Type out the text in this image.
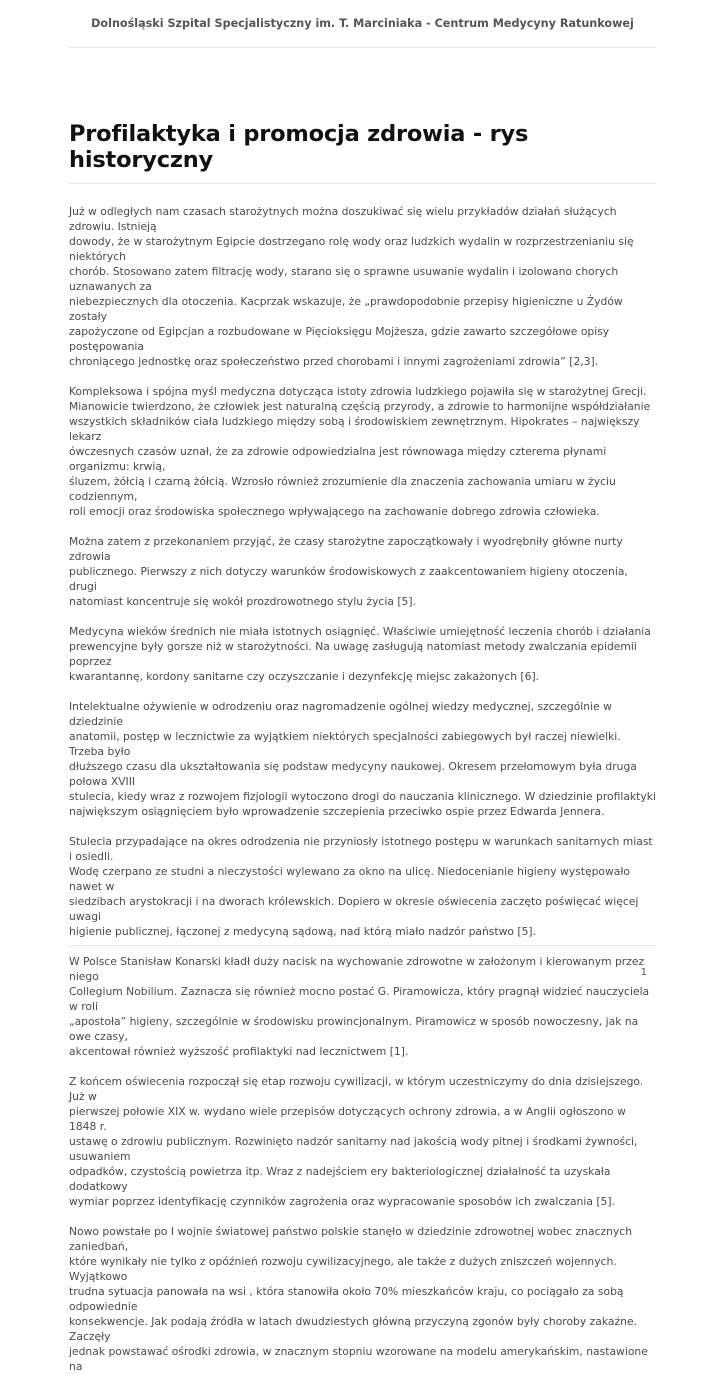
Dolnośląski Szpital Specjalistyczny im. T. Marciniaka - Centrum Medycyny Ratunkowej
Profilaktyka i promocja zdrowia - rys historyczny

Już w odległych nam czasach starożytnych można doszukiwać się wielu przykładów działań służących zdrowiu. Istnieją
dowody, że w starożytnym Egipcie dostrzegano rolę wody oraz ludzkich wydalin w rozprzestrzenianiu się niektórych
chorób. Stosowano zatem filtrację wody, starano się o sprawne usuwanie wydalin i izolowano chorych uznawanych za
niebezpiecznych dla otoczenia. Kacprzak wskazuje, że „prawdopodobnie przepisy higieniczne u Żydów zostały
zapożyczone od Egipcjan a rozbudowane w Pięcioksięgu Mojżesza, gdzie zawarto szczegółowe opisy postępowania
chroniącego jednostkę oraz społeczeństwo przed chorobami i innymi zagrożeniami zdrowia” [2,3].

Kompleksowa i spójna myśl medyczna dotycząca istoty zdrowia ludzkiego pojawiła się w starożytnej Grecji.
Mianowicie twierdzono, że człowiek jest naturalną częścią przyrody, a zdrowie to harmonijne współdziałanie
wszystkich składników ciała ludzkiego między sobą i środowiskiem zewnętrznym. Hipokrates – największy lekarz
ówczesnych czasów uznał, że za zdrowie odpowiedzialna jest równowaga między czterema płynami organizmu: krwią,
śluzem, żółcią i czarną żółcią. Wzrosło również zrozumienie dla znaczenia zachowania umiaru w życiu codziennym,
roli emocji oraz środowiska społecznego wpływającego na zachowanie dobrego zdrowia człowieka.

Można zatem z przekonaniem przyjąć, że czasy starożytne zapoczątkowały i wyodrębniły główne nurty zdrowia
publicznego. Pierwszy z nich dotyczy warunków środowiskowych z zaakcentowaniem higieny otoczenia, drugi
natomiast koncentruje się wokół prozdrowotnego stylu życia [5].

Medycyna wieków średnich nie miała istotnych osiągnięć. Właściwie umiejętność leczenia chorób i działania
prewencyjne były gorsze niż w starożytności. Na uwagę zasługują natomiast metody zwalczania epidemii poprzez
kwarantannę, kordony sanitarne czy oczyszczanie i dezynfekcję miejsc zakażonych [6].

Intelektualne ożywienie w odrodzeniu oraz nagromadzenie ogólnej wiedzy medycznej, szczególnie w dziedzinie
anatomii, postęp w lecznictwie za wyjątkiem niektórych specjalności zabiegowych był raczej niewielki. Trzeba było
dłuższego czasu dla ukształtowania się podstaw medycyny naukowej. Okresem przełomowym była druga połowa XVIII
stulecia, kiedy wraz z rozwojem fizjologii wytoczono drogi do nauczania klinicznego. W dziedzinie profilaktyki
największym osiągnięciem było wprowadzenie szczepienia przeciwko ospie przez Edwarda Jennera.

Stulecia przypadające na okres odrodzenia nie przyniosły istotnego postępu w warunkach sanitarnych miast i osiedli.
Wodę czerpano ze studni a nieczystości wylewano za okno na ulicę. Niedocenianie higieny występowało nawet w
siedzibach arystokracji i na dworach królewskich. Dopiero w okresie oświecenia zaczęto poświęcać więcej uwagi
higienie publicznej, łączonej z medycyną sądową, nad którą miało nadzór państwo [5].

W Polsce Stanisław Konarski kładł duży nacisk na wychowanie zdrowotne w założonym i kierowanym przez niego
Collegium Nobilium. Zaznacza się również mocno postać G. Piramowicza, który pragnął widzieć nauczyciela w roli
„apostoła” higieny, szczególnie w środowisku prowincjonalnym. Piramowicz w sposób nowoczesny, jak na owe czasy,
akcentował również wyższość profilaktyki nad lecznictwem [1].

Z końcem oświecenia rozpoczął się etap rozwoju cywilizacji, w którym uczestniczymy do dnia dzisiejszego. Już w
pierwszej połowie XIX w. wydano wiele przepisów dotyczących ochrony zdrowia, a w Anglii ogłoszono w 1848 r.
ustawę o zdrowiu publicznym. Rozwinięto nadzór sanitarny nad jakością wody pitnej i środkami żywności, usuwaniem
odpadków, czystością powietrza itp. Wraz z nadejściem ery bakteriologicznej działalność ta uzyskała dodatkowy
wymiar poprzez identyfikację czynników zagrożenia oraz wypracowanie sposobów ich zwalczania [5].

Nowo powstałe po I wojnie światowej państwo polskie stanęło w dziedzinie zdrowotnej wobec znacznych zaniedbań,
które wynikały nie tylko z opóźnień rozwoju cywilizacyjnego, ale także z dużych zniszczeń wojennych. Wyjątkowo
trudna sytuacja panowała na wsi , która stanowiła około 70% mieszkańców kraju, co pociągało za sobą odpowiednie
konsekwencje. Jak podają źródła w latach dwudziestych główną przyczyną zgonów były choroby zakaźne. Zaczęły
jednak powstawać ośrodki zdrowia, w znacznym stopniu wzorowane na modelu amerykańskim, nastawione na

1
